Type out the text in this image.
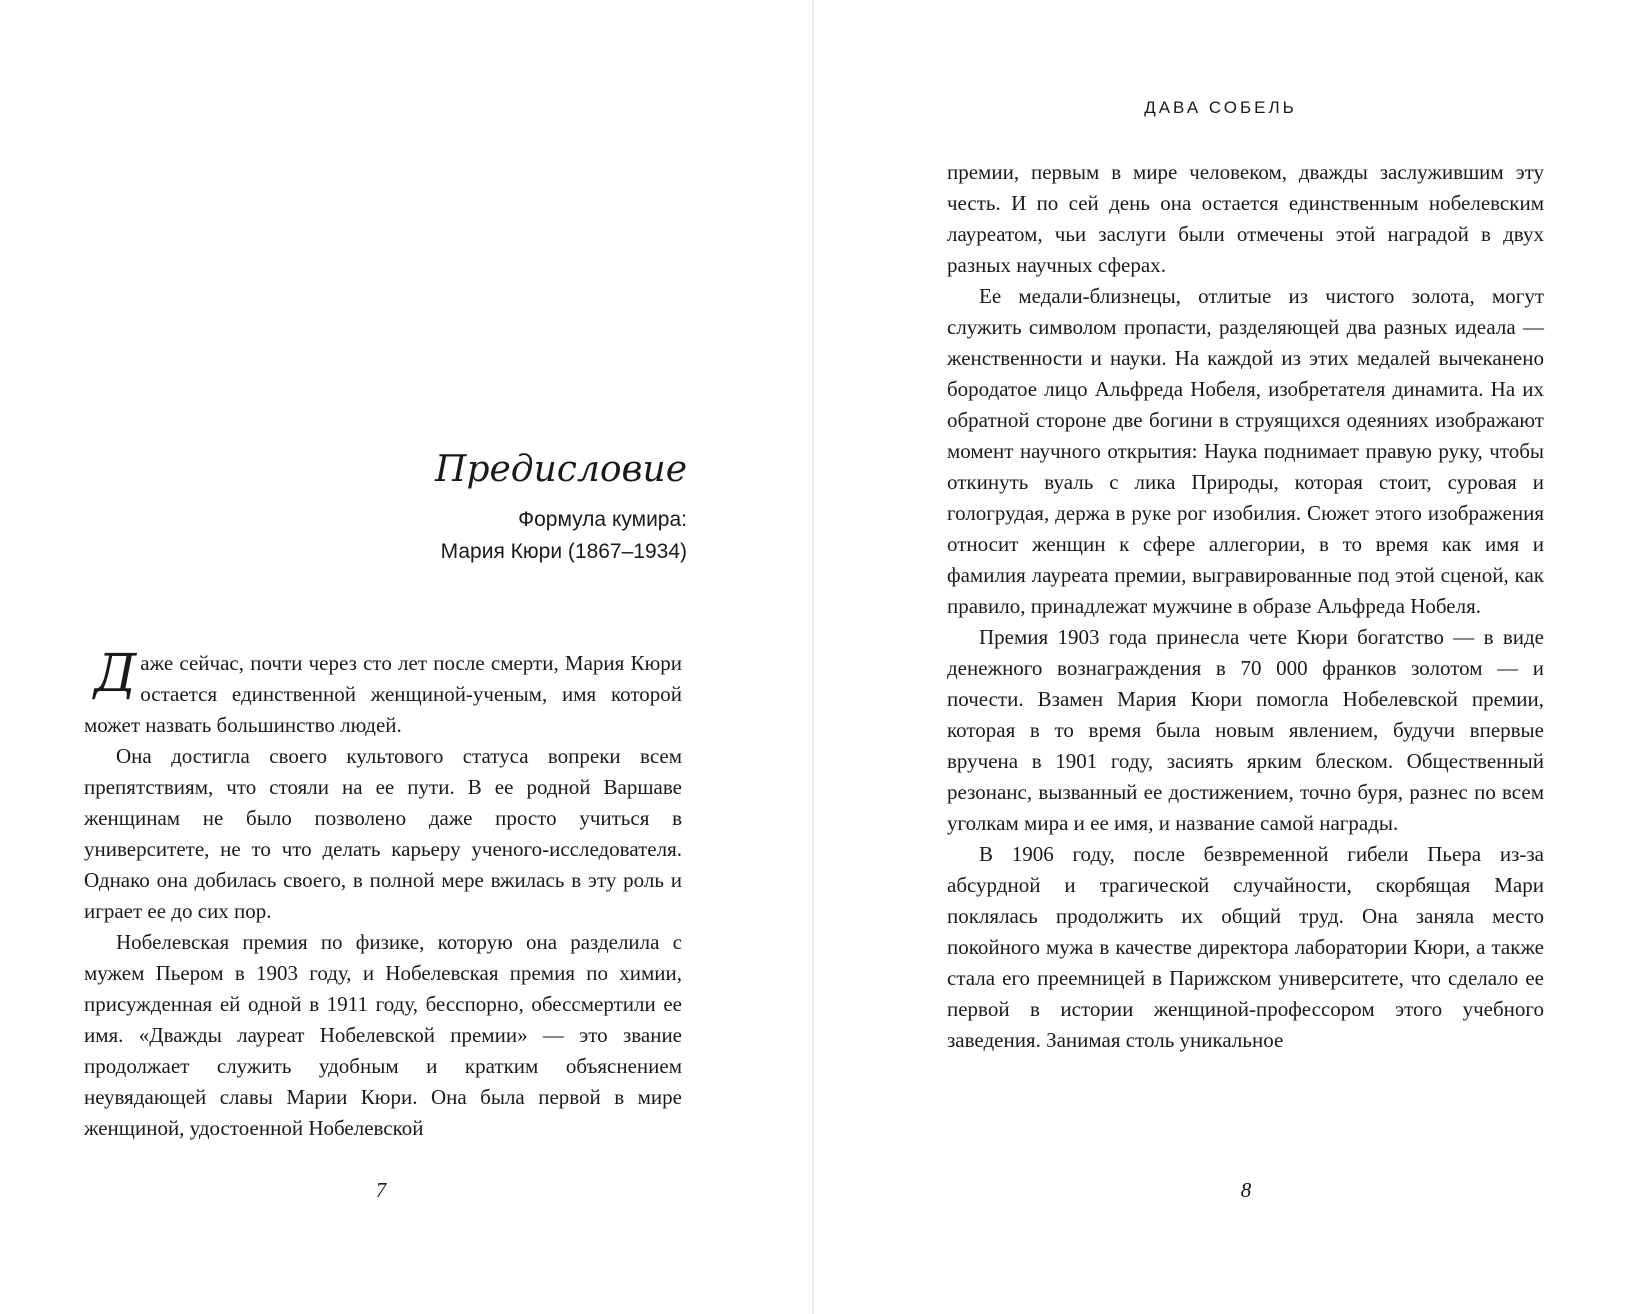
Предисловие

Формула кумира:

Мария Кюри (1867–1934)

Даже сейчас, почти через сто лет после смерти, Мария Кюри остается единственной женщиной-ученым, имя которой может назвать большинство людей.

Она достигла своего культового статуса вопреки всем препятствиям, что стояли на ее пути. В ее родной Варшаве женщинам не было позволено даже просто учиться в университете, не то что делать карьеру ученого-исследователя. Однако она добилась своего, в полной мере вжилась в эту роль и играет ее до сих пор.

Нобелевская премия по физике, которую она разделила с мужем Пьером в 1903 году, и Нобелевская премия по химии, присужденная ей одной в 1911 году, бесспорно, обессмертили ее имя. «Дважды лауреат Нобелевской премии» — это звание продолжает служить удобным и кратким объяснением неувядающей славы Марии Кюри. Она была первой в мире женщиной, удостоенной Нобелевской

7
ДАВА СОБЕЛЬ
8

премии, первым в мире человеком, дважды заслужившим эту честь. И по сей день она остается единственным нобелевским лауреатом, чьи заслуги были отмечены этой наградой в двух разных научных сферах.

Ее медали-близнецы, отлитые из чистого золота, могут служить символом пропасти, разделяющей два разных идеала — женственности и науки. На каждой из этих медалей вычеканено бородатое лицо Альфреда Нобеля, изобретателя динамита. На их обратной стороне две богини в струящихся одеяниях изображают момент научного открытия: Наука поднимает правую руку, чтобы откинуть вуаль с лика Природы, которая стоит, суровая и гологрудая, держа в руке рог изобилия. Сюжет этого изображения относит женщин к сфере аллегории, в то время как имя и фамилия лауреата премии, выгравированные под этой сценой, как правило, принадлежат мужчине в образе Альфреда Нобеля.

Премия 1903 года принесла чете Кюри богатство — в виде денежного вознаграждения в 70 000 франков золотом — и почести. Взамен Мария Кюри помогла Нобелевской премии, которая в то время была новым явлением, будучи впервые вручена в 1901 году, засиять ярким блеском. Общественный резонанс, вызванный ее достижением, точно буря, разнес по всем уголкам мира и ее имя, и название самой награды.

В 1906 году, после безвременной гибели Пьера из-за абсурдной и трагической случайности, скорбящая Мари поклялась продолжить их общий труд. Она заняла место покойного мужа в качестве директора лаборатории Кюри, а также стала его преемницей в Парижском университете, что сделало ее первой в истории женщиной-профессором этого учебного заведения. Занимая столь уникальное
